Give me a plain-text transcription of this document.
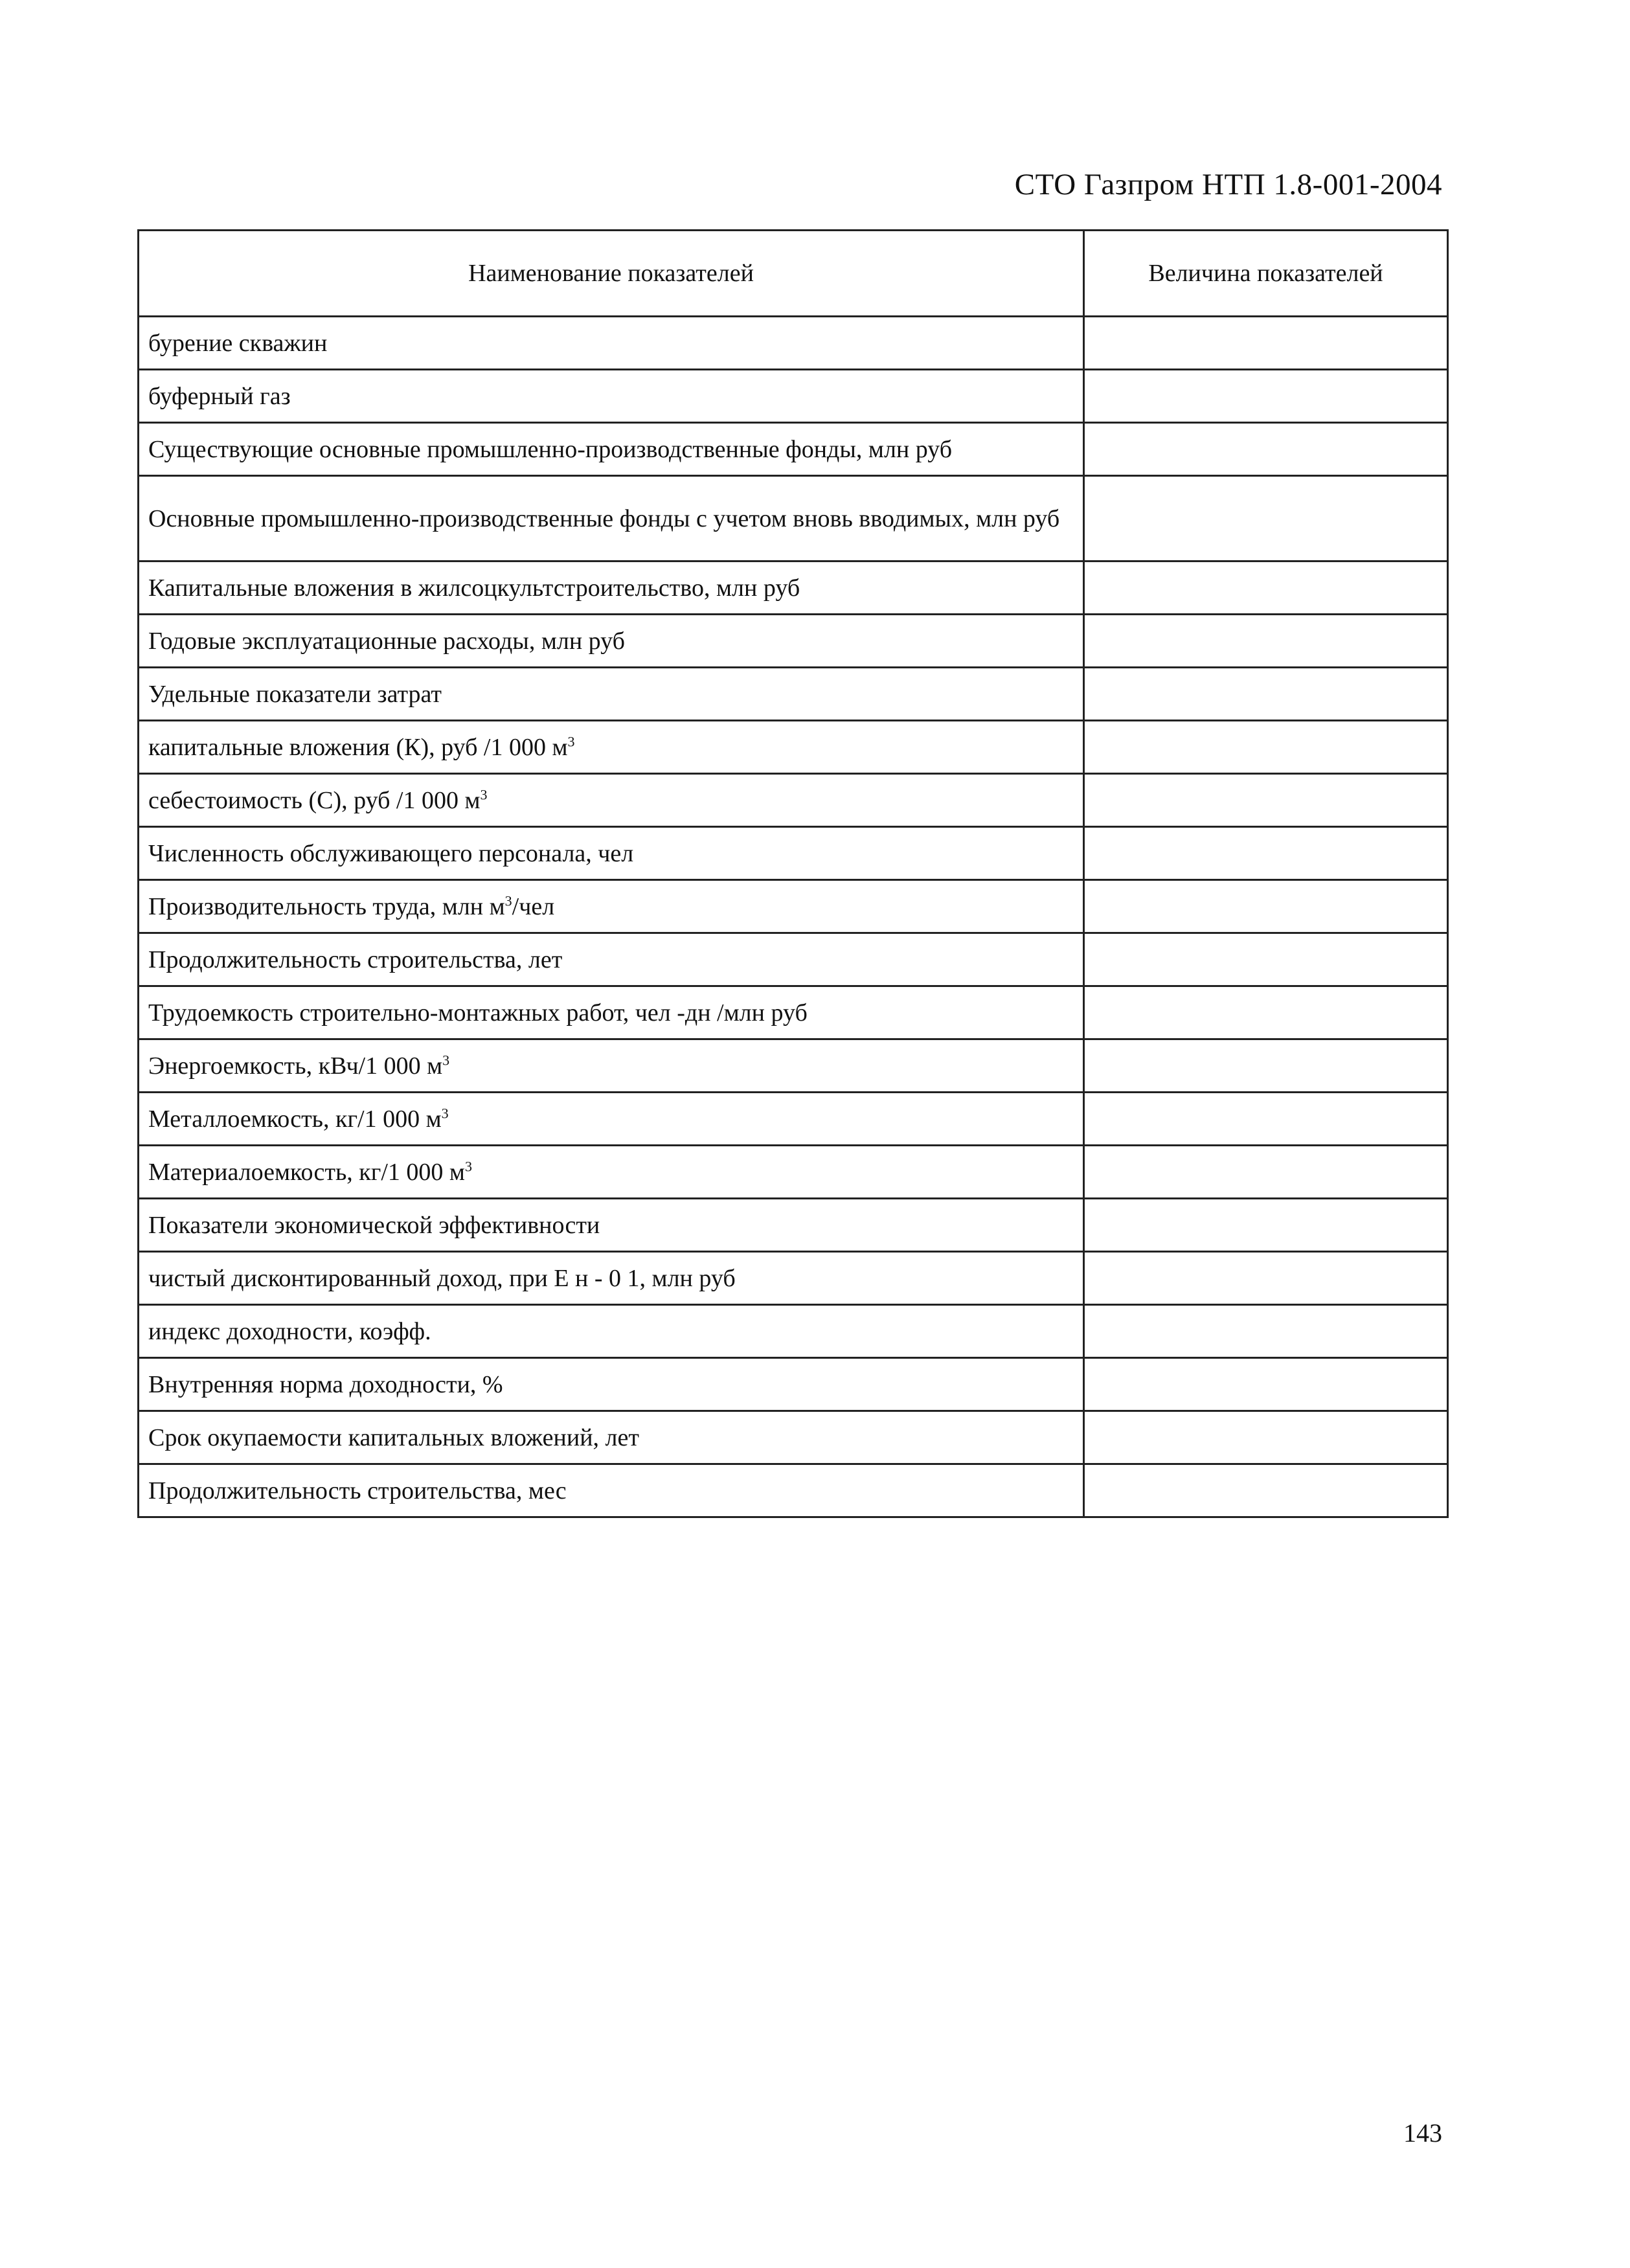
СТО Газпром НТП 1.8-001-2004
Наименование показателей	Величина показателей
бурение скважин	
буферный газ	
Существующие основные промышленно-производственные фонды, млн руб	
Основные промышленно-производственные фонды с учетом вновь вводимых, млн руб	
Капитальные вложения в жилсоцкультстроительство, млн руб	
Годовые эксплуатационные расходы, млн руб	
Удельные показатели затрат	
капитальные вложения (К), руб /1 000 $м^3$	
себестоимость (С), руб /1 000 $м^3$	
Численность обслуживающего персонала, чел	
Производительность труда, млн $м^3$/чел	
Продолжительность строительства, лет	
Трудоемкость строительно-монтажных работ, чел -дн /млн руб	
Энергоемкость, кВч/1 000 $м^3$	
Металлоемкость, кг/1 000 $м^3$	
Материалоемкость, кг/1 000 $м^3$	
Показатели экономической эффективности	
чистый дисконтированный доход, при Е н - 0 1, млн руб	
индекс доходности, коэфф.	
Внутренняя норма доходности, %	
Срок окупаемости капитальных вложений, лет	
Продолжительность строительства, мес	
143
